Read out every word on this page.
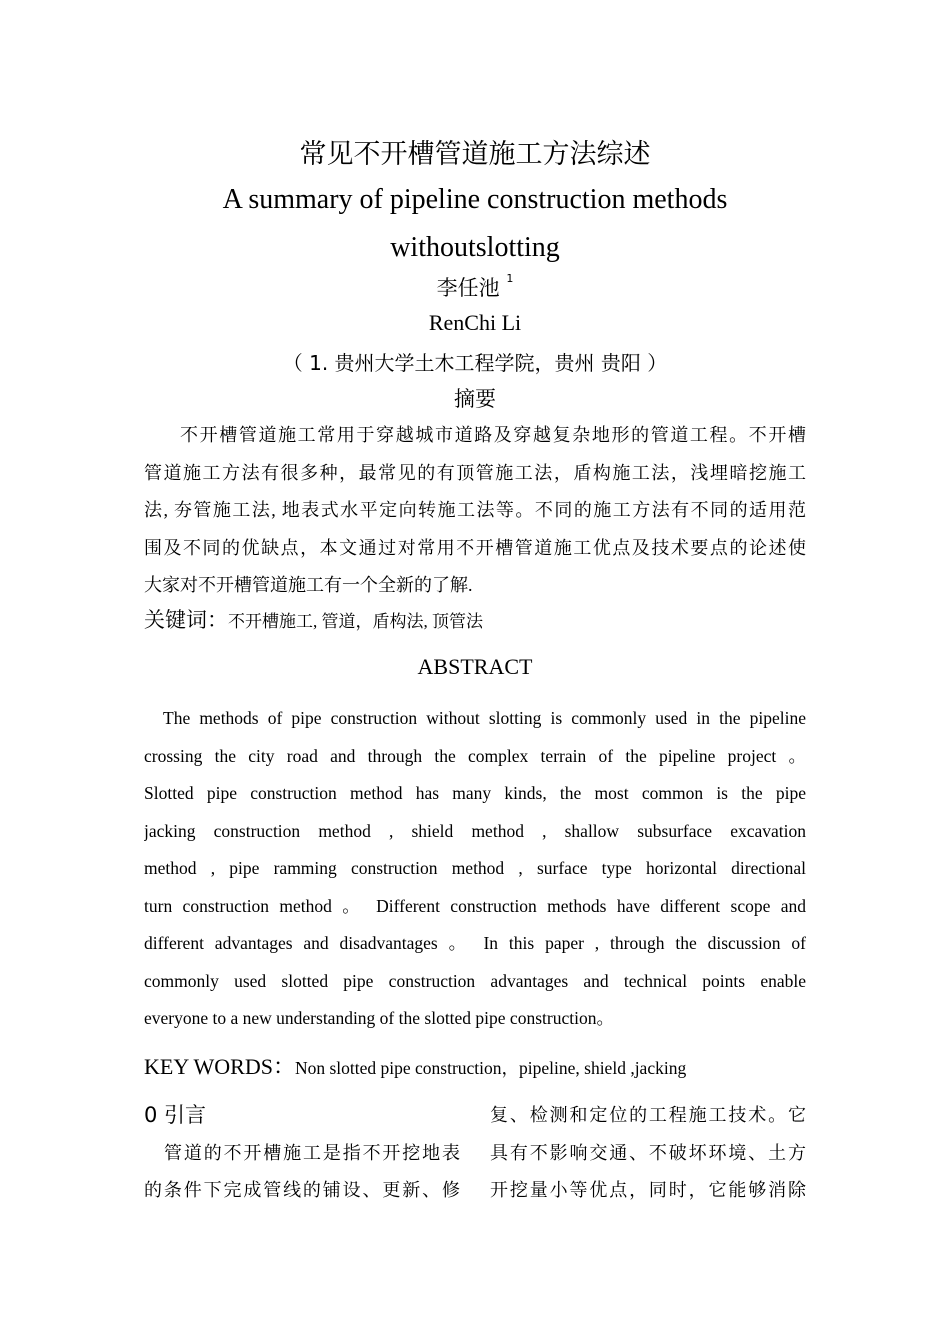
常见不开槽管道施工方法综述
A summary of pipeline construction methods
withoutslotting
李任池 $^1$
RenChi Li
（ 1. 贵州大学土木工程学院，贵州 贵阳 ）
摘要
不开槽管道施工常用于穿越城市道路及穿越复杂地形的管道工程。不开槽
管道施工方法有很多种，最常见的有顶管施工法，盾构施工法，浅埋暗挖施工
法, 夯管施工法, 地表式水平定向转施工法等。不同的施工方法有不同的适用范
围及不同的优缺点，本文通过对常用不开槽管道施工优点及技术要点的论述使
大家对不开槽管道施工有一个全新的了解.
关键词：不开槽施工, 管道，盾构法, 顶管法
ABSTRACT
The methods of pipe construction without slotting is commonly used in the pipeline
crossing the city road and through the complex terrain of the pipeline project 。
Slotted pipe construction method has many kinds, the most common is the pipe
jacking construction method , shield method , shallow subsurface excavation
method , pipe ramming construction method , surface type horizontal directional
turn construction method 。 Different construction methods have different scope and
different advantages and disadvantages 。 In this paper , through the discussion of
commonly used slotted pipe construction advantages and technical points enable
everyone to a new understanding of the slotted pipe construction。
KEY WORDS：Non slotted pipe construction，pipeline, shield ,jacking
0 引言
管道的不开槽施工是指不开挖地表
的条件下完成管线的铺设、更新、修
复、检测和定位的工程施工技术。它
具有不影响交通、不破坏环境、土方
开挖量小等优点，同时，它能够消除
